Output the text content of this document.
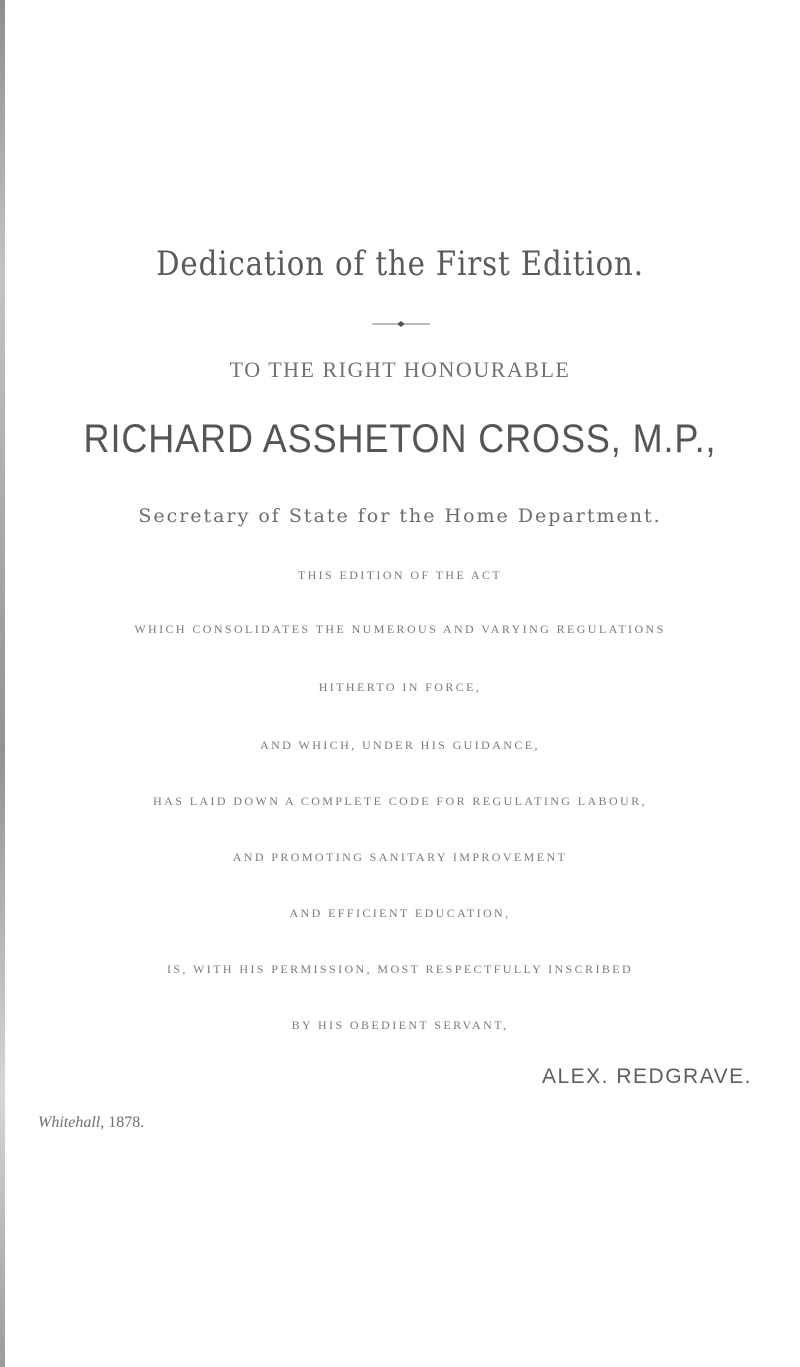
Dedication of the First Edition.
TO THE RIGHT HONOURABLE
RICHARD ASSHETON CROSS, M.P.,
Secretary of State for the Home Department.
THIS EDITION OF THE ACT
WHICH CONSOLIDATES THE NUMEROUS AND VARYING REGULATIONS
HITHERTO IN FORCE,
AND WHICH, UNDER HIS GUIDANCE,
HAS LAID DOWN A COMPLETE CODE FOR REGULATING LABOUR,
AND PROMOTING SANITARY IMPROVEMENT
AND EFFICIENT EDUCATION,
IS, WITH HIS PERMISSION, MOST RESPECTFULLY INSCRIBED
BY HIS OBEDIENT SERVANT,
ALEX. REDGRAVE.
Whitehall, 1878.
